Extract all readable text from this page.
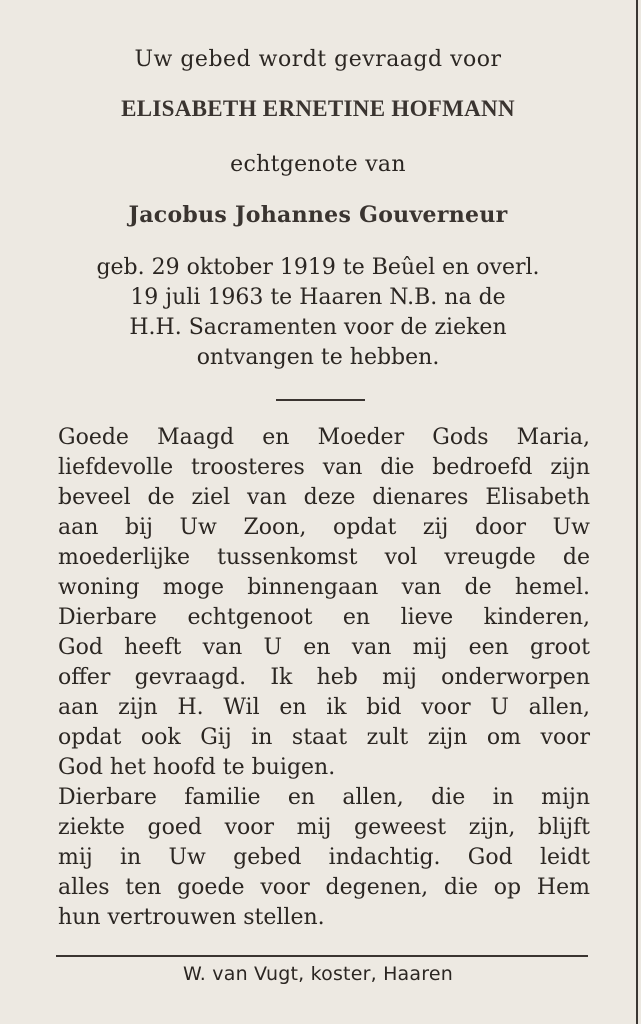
Uw gebed wordt gevraagd voor
ELISABETH ERNETINE HOFMANN
echtgenote van
Jacobus Johannes Gouverneur
geb. 29 oktober 1919 te Beûel en overl.
19 juli 1963 te Haaren N.B. na de
H.H. Sacramenten voor de zieken
ontvangen te hebben.
Goede Maagd en Moeder Gods Maria,
liefdevolle troosteres van die bedroefd zijn
beveel de ziel van deze dienares Elisabeth
aan bij Uw Zoon, opdat zij door Uw
moederlijke tussenkomst vol vreugde de
woning moge binnengaan van de hemel.
Dierbare echtgenoot en lieve kinderen,
God heeft van U en van mij een groot
offer gevraagd. Ik heb mij onderworpen
aan zijn H. Wil en ik bid voor U allen,
opdat ook Gij in staat zult zijn om voor
God het hoofd te buigen.
Dierbare familie en allen, die in mijn
ziekte goed voor mij geweest zijn, blijft
mij in Uw gebed indachtig. God leidt
alles ten goede voor degenen, die op Hem
hun vertrouwen stellen.
W. van Vugt, koster, Haaren
